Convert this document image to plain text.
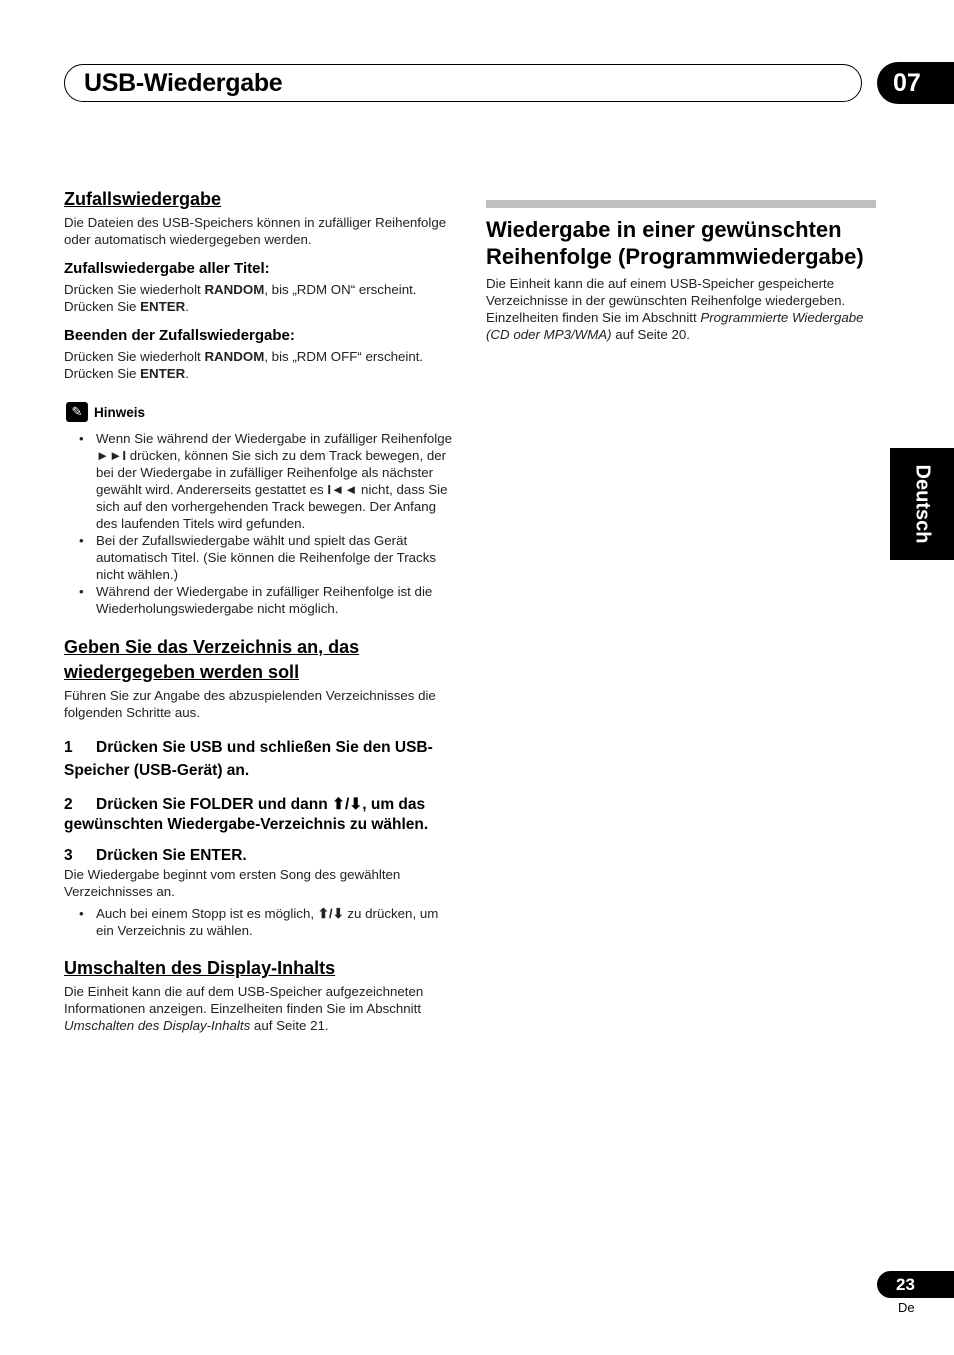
USB-Wiedergabe	07
Deutsch
Zufallswiedergabe

Die Dateien des USB-Speichers können in zufälliger Reihenfolge oder automatisch wiedergegeben werden.

Zufallswiedergabe aller Titel:

Drücken Sie wiederholt RANDOM, bis „RDM ON“ erscheint. Drücken Sie ENTER.

Beenden der Zufallswiedergabe:

Drücken Sie wiederholt RANDOM, bis „RDM OFF“ erscheint. Drücken Sie ENTER.

✎ Hinweis
• Wenn Sie während der Wiedergabe in zufälliger Reihenfolge ►►I drücken, können Sie sich zu dem Track bewegen, der bei der Wiedergabe in zufälliger Reihenfolge als nächster gewählt wird. Andererseits gestattet es I◄◄ nicht, dass Sie sich auf den vorhergehenden Track bewegen. Der Anfang des laufenden Titels wird gefunden.
• Bei der Zufallswiedergabe wählt und spielt das Gerät automatisch Titel. (Sie können die Reihenfolge der Tracks nicht wählen.)
• Während der Wiedergabe in zufälliger Reihenfolge ist die Wiederholungswiedergabe nicht möglich.
Geben Sie das Verzeichnis an, das
wiedergegeben werden soll

Führen Sie zur Angabe des abzuspielenden Verzeichnisses die folgenden Schritte aus.

1 Drücken Sie USB und schließen Sie den USB-Speicher (USB-Gerät) an.

2 Drücken Sie FOLDER und dann ⬆/⬇, um das gewünschten Wiedergabe-Verzeichnis zu wählen.

3 Drücken Sie ENTER.

Die Wiedergabe beginnt vom ersten Song des gewählten Verzeichnisses an.

• Auch bei einem Stopp ist es möglich, ⬆/⬇ zu drücken, um ein Verzeichnis zu wählen.
Umschalten des Display-Inhalts

Die Einheit kann die auf dem USB-Speicher aufgezeichneten Informationen anzeigen. Einzelheiten finden Sie im Abschnitt Umschalten des Display-Inhalts auf Seite 21.

Wiedergabe in einer gewünschten Reihenfolge (Programmwiedergabe)

Die Einheit kann die auf einem USB-Speicher gespeicherte Verzeichnisse in der gewünschten Reihenfolge wiedergeben. Einzelheiten finden Sie im Abschnitt Programmierte Wiedergabe (CD oder MP3/WMA) auf Seite 20.

23
De
